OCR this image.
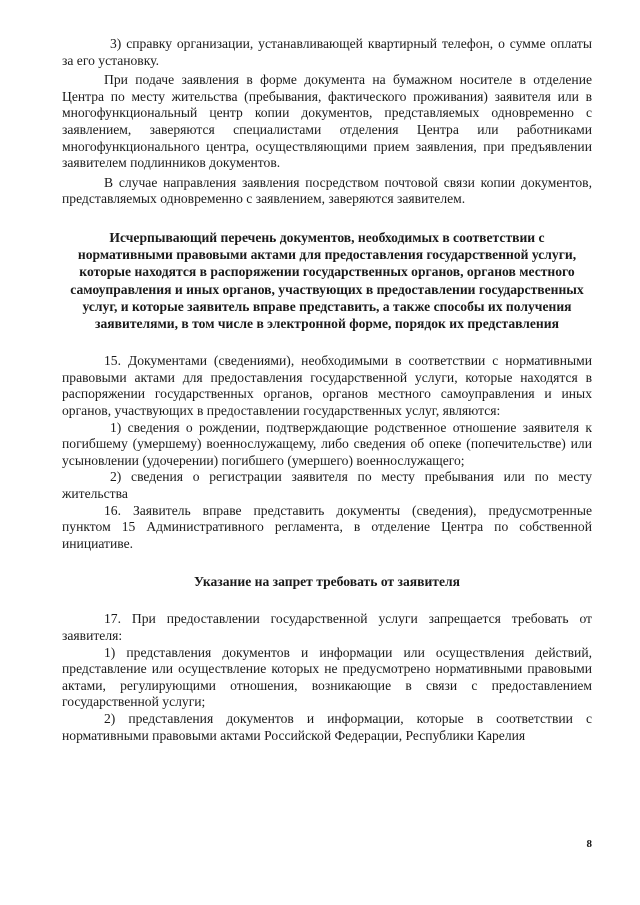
3) справку организации, устанавливающей квартирный телефон, о сумме оплаты за его установку.

При подаче заявления в форме документа на бумажном носителе в отделение Центра по месту жительства (пребывания, фактического проживания) заявителя или в многофункциональный центр копии документов, представляемых одновременно с заявлением, заверяются специалистами отделения Центра или работниками многофункционального центра, осуществляющими прием заявления, при предъявлении заявителем подлинников документов.

В случае направления заявления посредством почтовой связи копии документов, представляемых одновременно с заявлением, заверяются заявителем.

Исчерпывающий перечень документов, необходимых в соответствии с нормативными правовыми актами для предоставления государственной услуги, которые находятся в распоряжении государственных органов, органов местного самоуправления и иных органов, участвующих в предоставлении государственных услуг, и которые заявитель вправе представить, а также способы их получения заявителями, в том числе в электронной форме, порядок их представления

15. Документами (сведениями), необходимыми в соответствии с нормативными правовыми актами для предоставления государственной услуги, которые находятся в распоряжении государственных органов, органов местного самоуправления и иных органов, участвующих в предоставлении государственных услуг, являются:

1) сведения о рождении, подтверждающие родственное отношение заявителя к погибшему (умершему) военнослужащему, либо сведения об опеке (попечительстве) или усыновлении (удочерении) погибшего (умершего) военнослужащего;

2) сведения о регистрации заявителя по месту пребывания или по месту жительства

16. Заявитель вправе представить документы (сведения), предусмотренные пунктом 15 Административного регламента, в отделение Центра по собственной инициативе.

Указание на запрет требовать от заявителя

17. При предоставлении государственной услуги запрещается требовать от заявителя:

1) представления документов и информации или осуществления действий, представление или осуществление которых не предусмотрено нормативными правовыми актами, регулирующими отношения, возникающие в связи с предоставлением государственной услуги;

2) представления документов и информации, которые в соответствии с нормативными правовыми актами Российской Федерации, Республики Карелия

8
